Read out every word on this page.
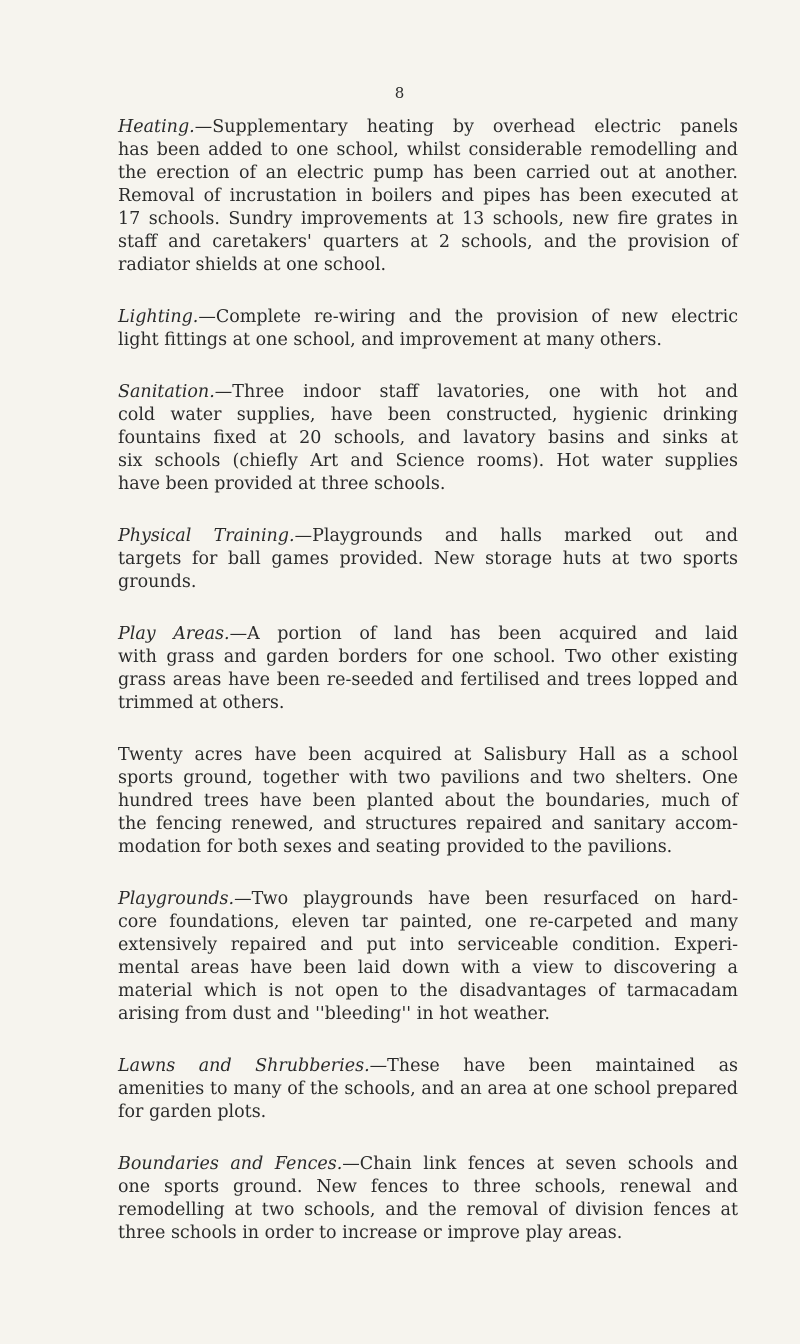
8
Heating.—Supplementary heating by overhead electric panels
has been added to one school, whilst considerable remodelling and
the erection of an electric pump has been carried out at another.
Removal of incrustation in boilers and pipes has been executed at
17 schools. Sundry improvements at 13 schools, new fire grates in
staff and caretakers' quarters at 2 schools, and the provision of
radiator shields at one school.
Lighting.—Complete re-wiring and the provision of new electric
light fittings at one school, and improvement at many others.
Sanitation.—Three indoor staff lavatories, one with hot and
cold water supplies, have been constructed, hygienic drinking
fountains fixed at 20 schools, and lavatory basins and sinks at
six schools (chiefly Art and Science rooms). Hot water supplies
have been provided at three schools.
Physical Training.—Playgrounds and halls marked out and
targets for ball games provided. New storage huts at two sports
grounds.
Play Areas.—A portion of land has been acquired and laid
with grass and garden borders for one school. Two other existing
grass areas have been re-seeded and fertilised and trees lopped and
trimmed at others.
Twenty acres have been acquired at Salisbury Hall as a school
sports ground, together with two pavilions and two shelters. One
hundred trees have been planted about the boundaries, much of
the fencing renewed, and structures repaired and sanitary accom-
modation for both sexes and seating provided to the pavilions.
Playgrounds.—Two playgrounds have been resurfaced on hard-
core foundations, eleven tar painted, one re-carpeted and many
extensively repaired and put into serviceable condition. Experi-
mental areas have been laid down with a view to discovering a
material which is not open to the disadvantages of tarmacadam
arising from dust and ''bleeding'' in hot weather.
Lawns and Shrubberies.—These have been maintained as
amenities to many of the schools, and an area at one school prepared
for garden plots.
Boundaries and Fences.—Chain link fences at seven schools and
one sports ground. New fences to three schools, renewal and
remodelling at two schools, and the removal of division fences at
three schools in order to increase or improve play areas.
